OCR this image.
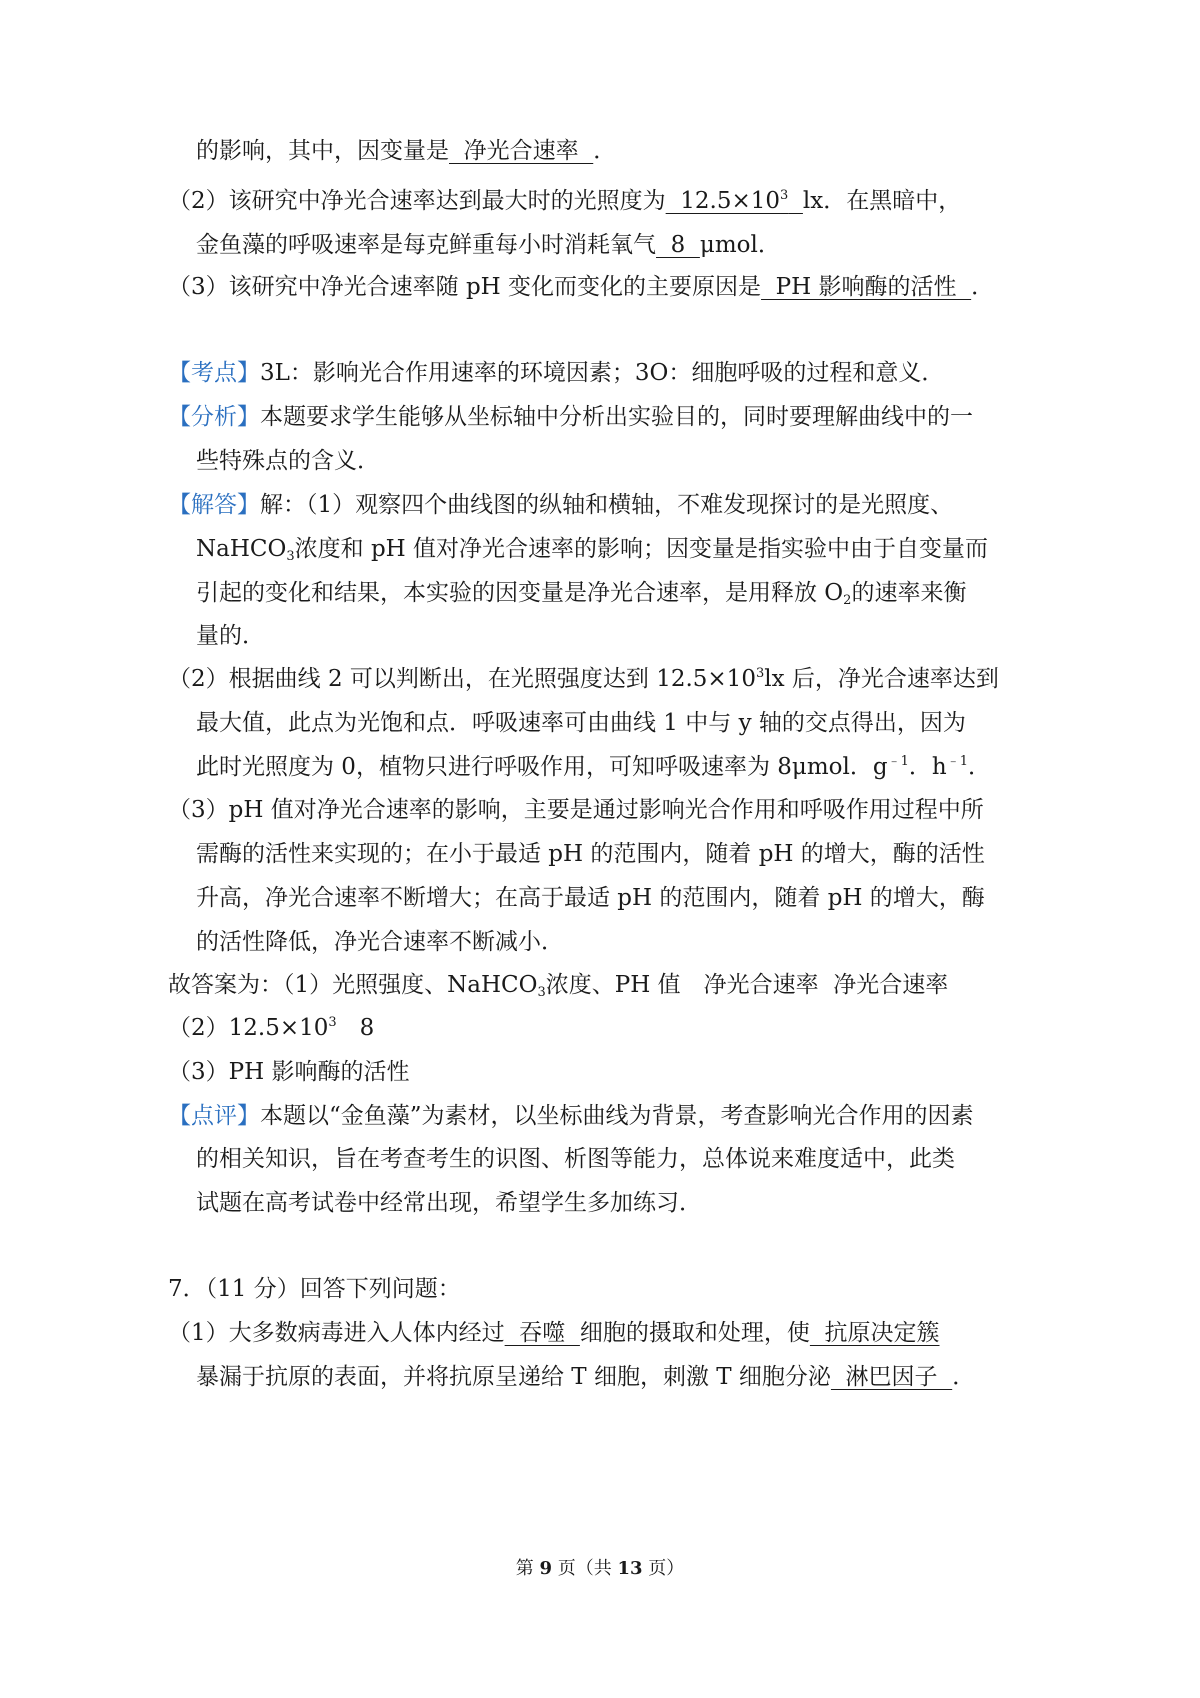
的影响，其中，因变量是  净光合速率  ．
（2）该研究中净光合速率达到最大时的光照度为  $12.5\times 10^3$ lx．在黑暗中，
金鱼藻的呼吸速率是每克鲜重每小时消耗氧气  8  μmol．
（3）该研究中净光合速率随 pH 变化而变化的主要原因是  PH 影响酶的活性  ．
【考点】3L：影响光合作用速率的环境因素；3O：细胞呼吸的过程和意义．
【分析】本题要求学生能够从坐标轴中分析出实验目的，同时要理解曲线中的一
些特殊点的含义．
【解答】解：（1）观察四个曲线图的纵轴和横轴，不难发现探讨的是光照度、
NaHCO$_3$浓度和 pH 值对净光合速率的影响；因变量是指实验中由于自变量而
引起的变化和结果，本实验的因变量是净光合速率，是用释放 $O_2$的速率来衡
量的．
（2）根据曲线 2 可以判断出，在光照强度达到 $12.5\times 10^3lx$ 后，净光合速率达到
最大值，此点为光饱和点．呼吸速率可由曲线 1 中与 y 轴的交点得出，因为
此时光照度为 0，植物只进行呼吸作用，可知呼吸速率为 8μmol．$g^{﹣1}$．$h^{﹣1}$．
（3）pH 值对净光合速率的影响，主要是通过影响光合作用和呼吸作用过程中所
需酶的活性来实现的；在小于最适 pH 的范围内，随着 pH 的增大，酶的活性
升高，净光合速率不断增大；在高于最适 pH 的范围内，随着 pH 的增大，酶
的活性降低，净光合速率不断减小．
故答案为：（1）光照强度、NaHCO$_3$浓度、PH 值　净光合速率  净光合速率
$(2)12.5\times 10^3$　8
（3）PH 影响酶的活性
【点评】本题以“金鱼藻”为素材，以坐标曲线为背景，考查影响光合作用的因素
的相关知识，旨在考查考生的识图、析图等能力，总体说来难度适中，此类
试题在高考试卷中经常出现，希望学生多加练习．
7．（11 分）回答下列问题：
（1）大多数病毒进入人体内经过  吞噬  细胞的摄取和处理，使  抗原决定簇
暴漏于抗原的表面，并将抗原呈递给 T 细胞，刺激 T 细胞分泌  淋巴因子  ．
第 9 页（共 13 页）
